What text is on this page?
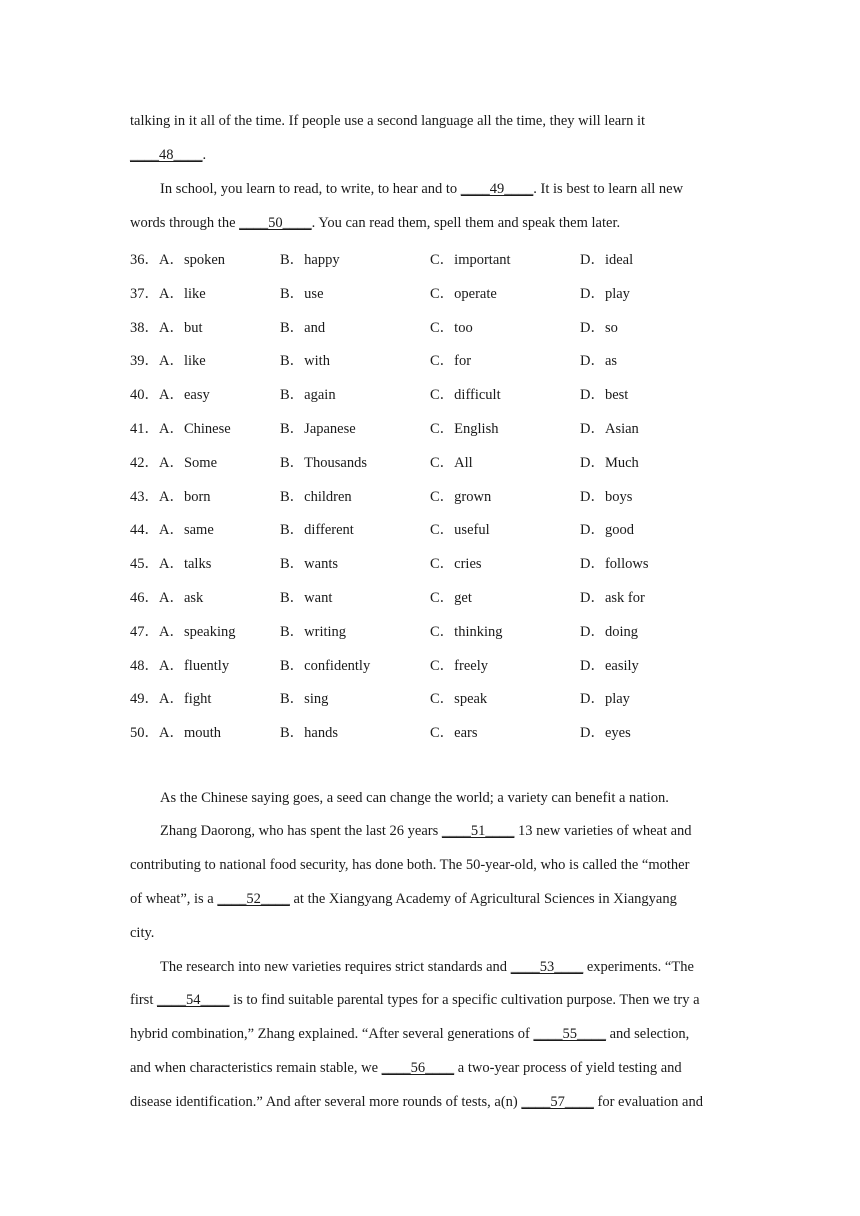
talking in it all of the time. If people use a second language all the time, they will learn it
____48____.
In school, you learn to read, to write, to hear and to ____49____. It is best to learn all new
words through the ____50____. You can read them, spell them and speak them later.
36．A．spoken	B．happy	C．important	D．ideal
37．A．like	B．use	C．operate	D．play
38．A．but	B．and	C．too	D．so
39．A．like	B．with	C．for	D．as
40．A．easy	B．again	C．difficult	D．best
41．A．Chinese	B．Japanese	C．English	D．Asian
42．A．Some	B．Thousands	C．All	D．Much
43．A．born	B．children	C．grown	D．boys
44．A．same	B．different	C．useful	D．good
45．A．talks	B．wants	C．cries	D．follows
46．A．ask	B．want	C．get	D．ask for
47．A．speaking	B．writing	C．thinking	D．doing
48．A．fluently	B．confidently	C．freely	D．easily
49．A．fight	B．sing	C．speak	D．play
50．A．mouth	B．hands	C．ears	D．eyes
As the Chinese saying goes, a seed can change the world; a variety can benefit a nation.
Zhang Daorong, who has spent the last 26 years ____51____ 13 new varieties of wheat and
contributing to national food security, has done both. The 50-year-old, who is called the “mother
of wheat”, is a ____52____ at the Xiangyang Academy of Agricultural Sciences in Xiangyang
city.
The research into new varieties requires strict standards and ____53____ experiments. “The
first ____54____ is to find suitable parental types for a specific cultivation purpose. Then we try a
hybrid combination,” Zhang explained. “After several generations of ____55____ and selection,
and when characteristics remain stable, we ____56____ a two-year process of yield testing and
disease identification.” And after several more rounds of tests, a(n) ____57____ for evaluation and
